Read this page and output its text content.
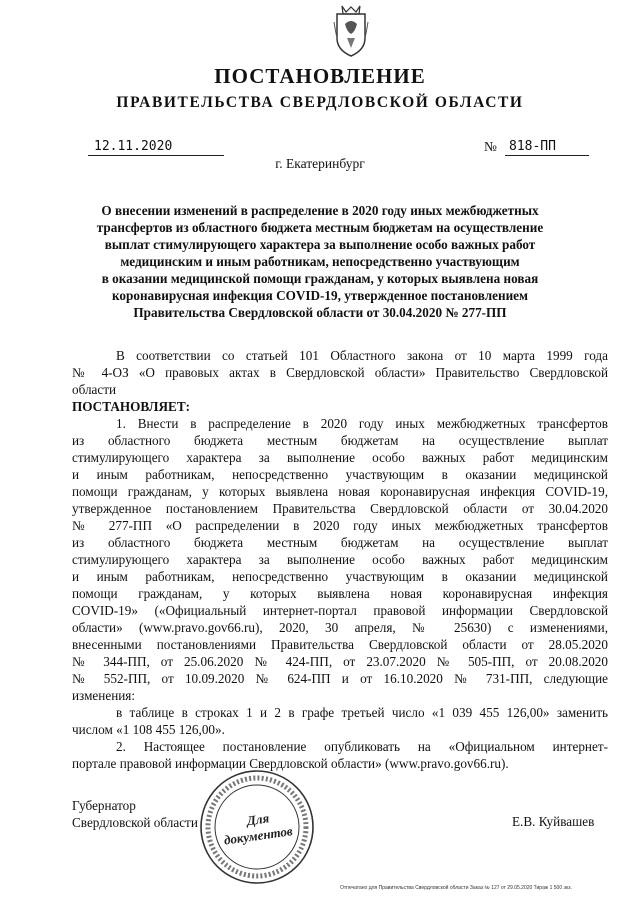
ПОСТАНОВЛЕНИЕ
ПРАВИТЕЛЬСТВА СВЕРДЛОВСКОЙ ОБЛАСТИ
12.11.2020	№ 818-ПП
г. Екатеринбург
О внесении изменений в распределение в 2020 году иных межбюджетных
трансфертов из областного бюджета местным бюджетам на осуществление
выплат стимулирующего характера за выполнение особо важных работ
медицинским и иным работникам, непосредственно участвующим
в оказании медицинской помощи гражданам, у которых выявлена новая
коронавирусная инфекция COVID-19, утвержденное постановлением
Правительства Свердловской области от 30.04.2020 № 277-ПП
В соответствии со статьей 101 Областного закона от 10 марта 1999 года
№ 4-ОЗ «О правовых актах в Свердловской области» Правительство Свердловской
области
ПОСТАНОВЛЯЕТ:
1. Внести в распределение в 2020 году иных межбюджетных трансфертов
из областного бюджета местным бюджетам на осуществление выплат
стимулирующего характера за выполнение особо важных работ медицинским
и иным работникам, непосредственно участвующим в оказании медицинской
помощи гражданам, у которых выявлена новая коронавирусная инфекция COVID-19,
утвержденное постановлением Правительства Свердловской области от 30.04.2020
№ 277-ПП «О распределении в 2020 году иных межбюджетных трансфертов
из областного бюджета местным бюджетам на осуществление выплат
стимулирующего характера за выполнение особо важных работ медицинским
и иным работникам, непосредственно участвующим в оказании медицинской
помощи гражданам, у которых выявлена новая коронавирусная инфекция
COVID-19» («Официальный интернет-портал правовой информации Свердловской
области» (www.pravo.gov66.ru), 2020, 30 апреля, № 25630) с изменениями,
внесенными постановлениями Правительства Свердловской области от 28.05.2020
№ 344-ПП, от 25.06.2020 № 424-ПП, от 23.07.2020 № 505-ПП, от 20.08.2020
№ 552-ПП, от 10.09.2020 № 624-ПП и от 16.10.2020 № 731-ПП, следующие
изменения:
в таблице в строках 1 и 2 в графе третьей число «1 039 455 126,00» заменить
числом «1 108 455 126,00».
2. Настоящее постановление опубликовать на «Официальном интернет-
портале правовой информации Свердловской области» (www.pravo.gov66.ru).
Губернатор
Свердловской области	Е.В. Куйвашев
Для
документов
Отпечатано для Правительства Свердловской области Заказ № 127 от 29.05.2020 Тираж 1 500 экз.
